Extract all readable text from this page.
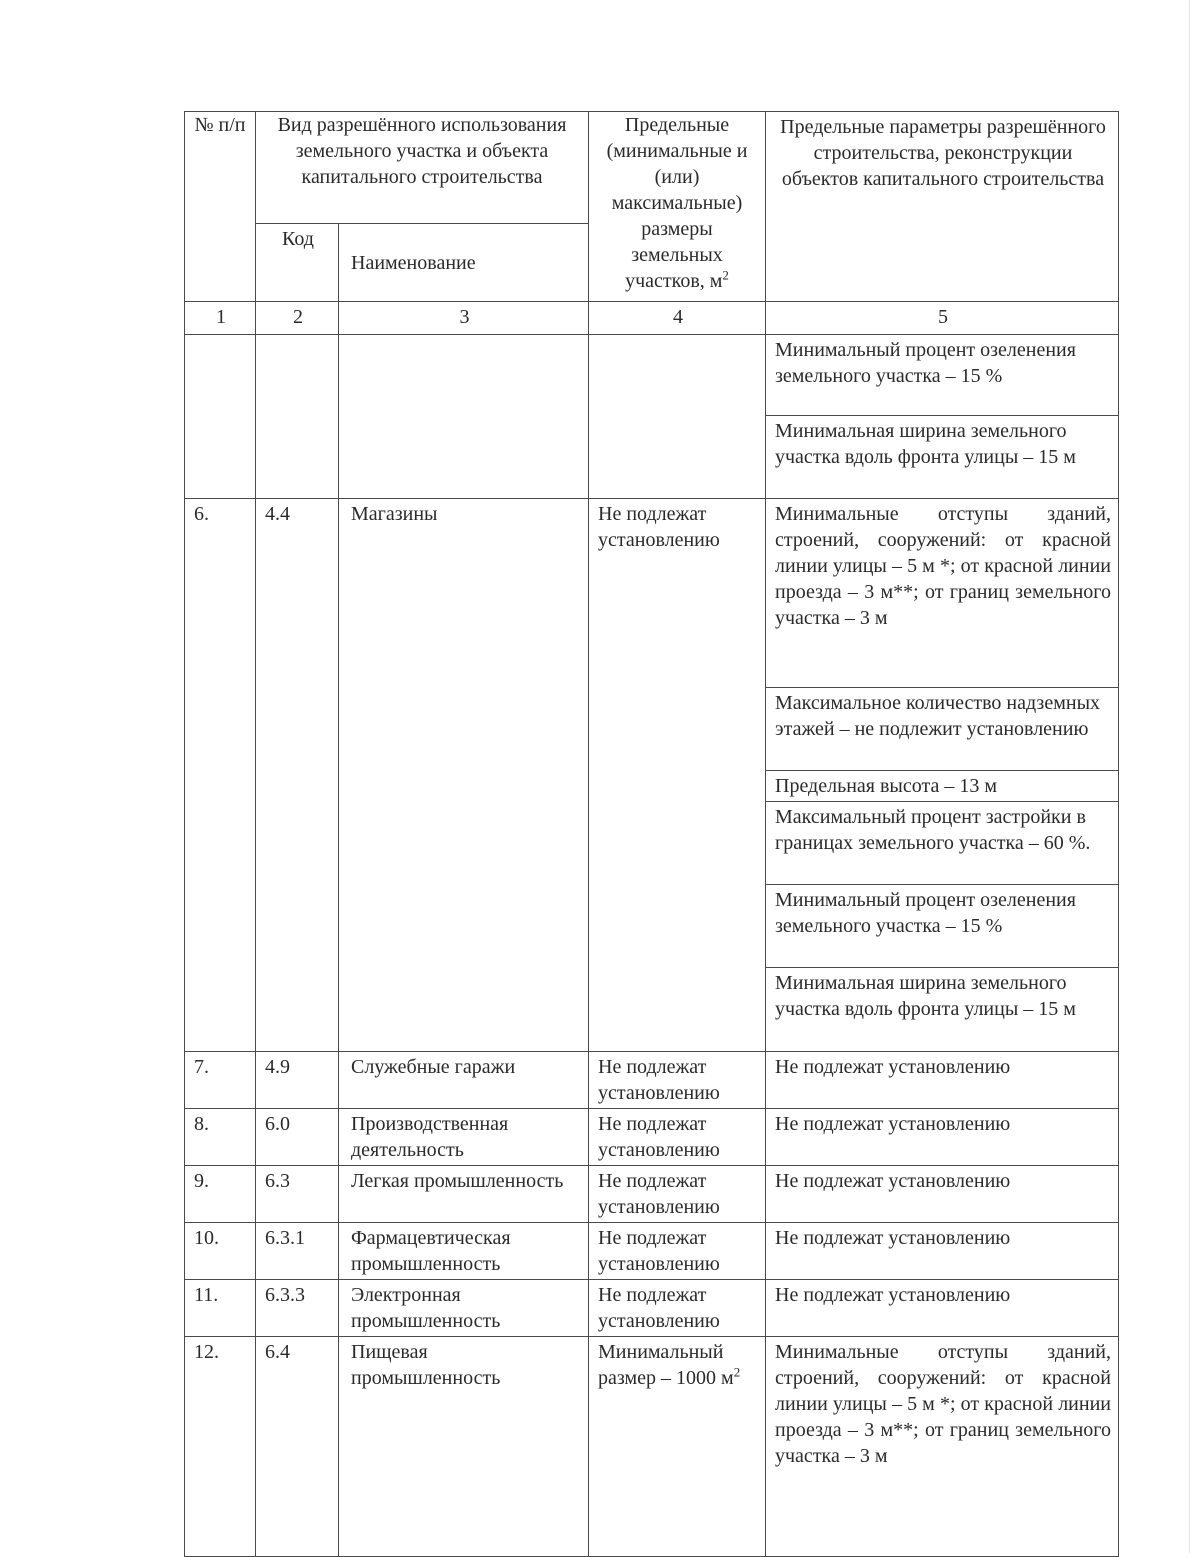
№ п/п	Вид разрешённого использования земельного участка и объекта капитального строительства		Предельные (минимальные и (или) максимальные) размеры земельных участков, $м^2$	Предельные параметры разрешённого строительства, реконструкции объектов капитального строительства
	Код	Наименование		
1	2	3	4	5
				Минимальный процент озеленения земельного участка – 15 %
				Минимальная ширина земельного участка вдоль фронта улицы – 15 м
6.	4.4	Магазины	Не подлежат установлению	Минимальные отступы зданий, строений, сооружений: от красной линии улицы – 5 м *; от красной линии проезда – 3 м**; от границ земельного участка – 3 м
				Максимальное количество надземных этажей – не подлежит установлению
				Предельная высота – 13 м
				Максимальный процент застройки в границах земельного участка – 60 %.
				Минимальный процент озеленения земельного участка – 15 %
				Минимальная ширина земельного участка вдоль фронта улицы – 15 м
7.	4.9	Служебные гаражи	Не подлежат установлению	Не подлежат установлению
8.	6.0	Производственная деятельность	Не подлежат установлению	Не подлежат установлению
9.	6.3	Легкая промышленность	Не подлежат установлению	Не подлежат установлению
10.	6.3.1	Фармацевтическая промышленность	Не подлежат установлению	Не подлежат установлению
11.	6.3.3	Электронная промышленность	Не подлежат установлению	Не подлежат установлению
12.	6.4	Пищевая промышленность	Минимальный размер – 1000 $м^2$	Минимальные отступы зданий, строений, сооружений: от красной линии улицы – 5 м *; от красной линии проезда – 3 м**; от границ земельного участка – 3 м
